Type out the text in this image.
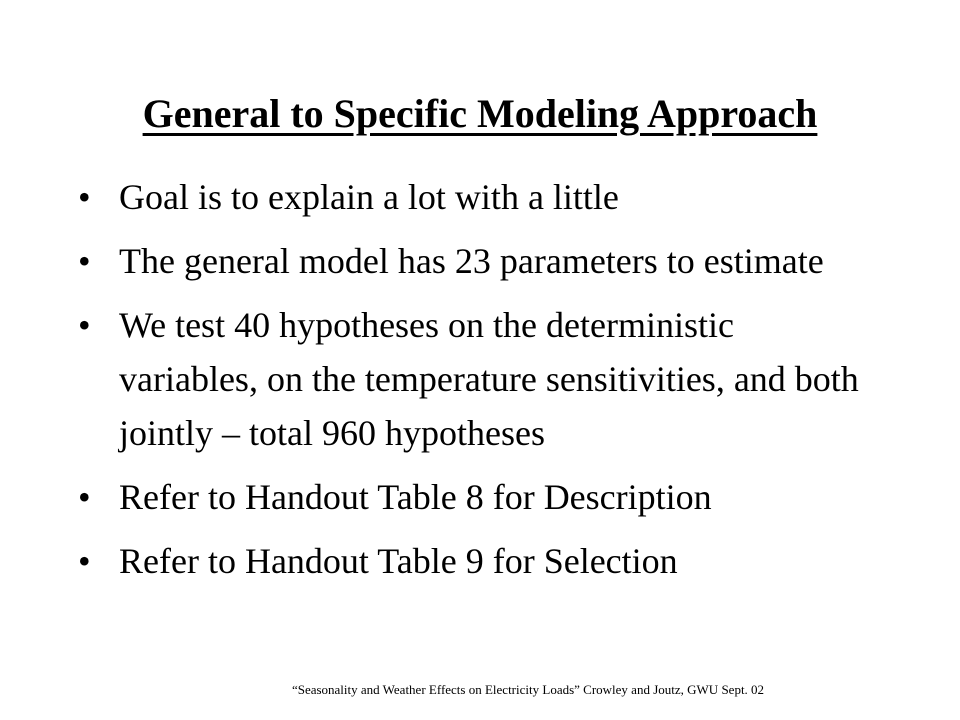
General to Specific Modeling Approach
• Goal is to explain a lot with a little
• The general model has 23 parameters to estimate
• We test 40 hypotheses on the deterministic variables, on the temperature sensitivities, and both jointly – total 960 hypotheses
• Refer to Handout Table 8 for Description
• Refer to Handout Table 9 for Selection

“Seasonality and Weather Effects on Electricity Loads” Crowley and Joutz, GWU Sept. 02
